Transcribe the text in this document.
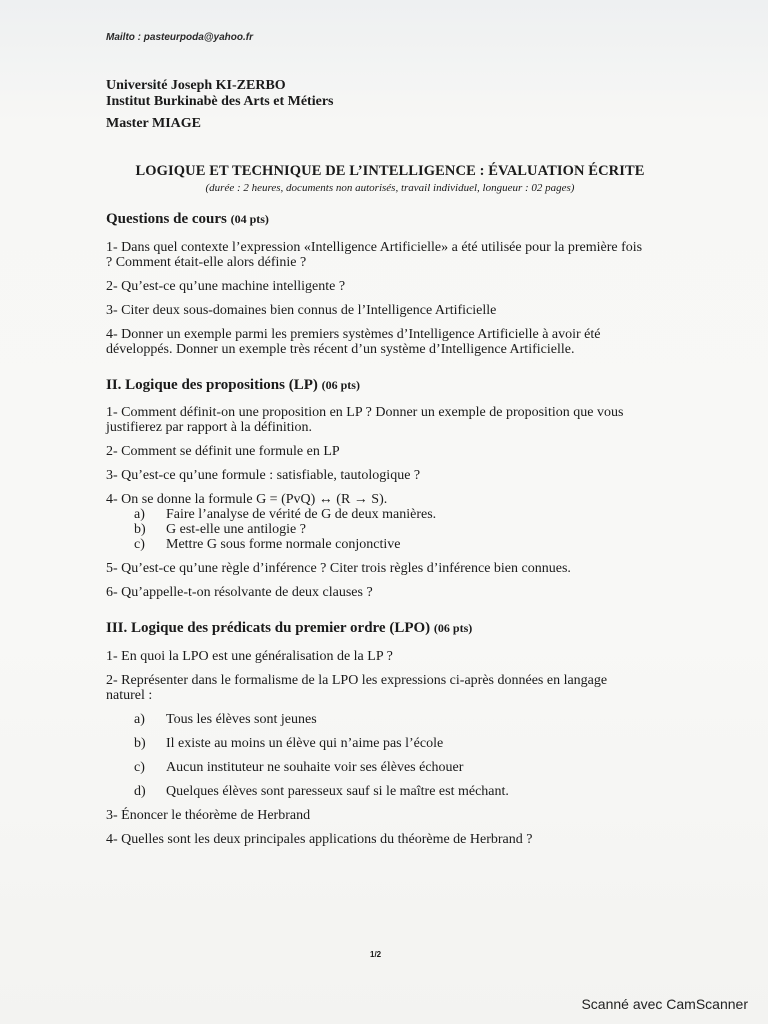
Mailto : pasteurpoda@yahoo.fr
Université Joseph KI-ZERBO
Institut Burkinabè des Arts et Métiers
Master MIAGE
LOGIQUE ET TECHNIQUE DE L’INTELLIGENCE : ÉVALUATION ÉCRITE
(durée : 2 heures, documents non autorisés, travail individuel, longueur : 02 pages)

Questions de cours (04 pts)

1- Dans quel contexte l’expression «Intelligence Artificielle» a été utilisée pour la première fois ? Comment était-elle alors définie ?

2- Qu’est-ce qu’une machine intelligente ?

3- Citer deux sous-domaines bien connus de l’Intelligence Artificielle

4- Donner un exemple parmi les premiers systèmes d’Intelligence Artificielle à avoir été développés. Donner un exemple très récent d’un système d’Intelligence Artificielle.

II. Logique des propositions (LP) (06 pts)

1- Comment définit-on une proposition en LP ? Donner un exemple de proposition que vous justifierez par rapport à la définition.

2- Comment se définit une formule en LP

3- Qu’est-ce qu’une formule : satisfiable, tautologique ?

4- On se donne la formule G = (PvQ) ↔ (R → S).

a)	Faire l’analyse de vérité de G de deux manières.
b)	G est-elle une antilogie ?
c)	Mettre G sous forme normale conjonctive

5- Qu’est-ce qu’une règle d’inférence ? Citer trois règles d’inférence bien connues.

6- Qu’appelle-t-on résolvante de deux clauses ?

III. Logique des prédicats du premier ordre (LPO) (06 pts)

1- En quoi la LPO est une généralisation de la LP ?

2- Représenter dans le formalisme de la LPO les expressions ci-après données en langage naturel :

a)	Tous les élèves sont jeunes
b)	Il existe au moins un élève qui n’aime pas l’école
c)	Aucun instituteur ne souhaite voir ses élèves échouer
d)	Quelques élèves sont paresseux sauf si le maître est méchant.

3- Énoncer le théorème de Herbrand

4- Quelles sont les deux principales applications du théorème de Herbrand ?

1/2
Scanné avec CamScanner
